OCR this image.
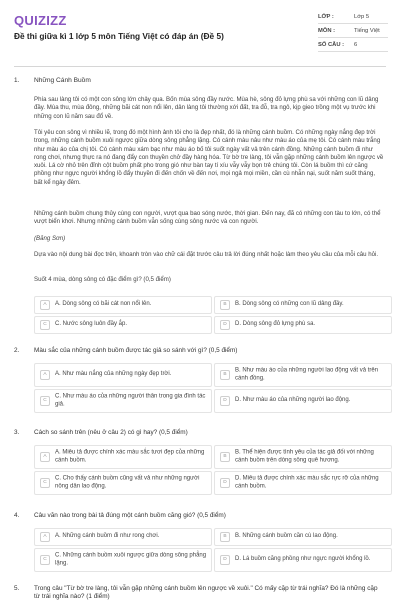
QUIZIZZ
Đề thi giữa kì 1 lớp 5 môn Tiếng Việt có đáp án (Đề 5)
LỚP :	Lớp 5
MÔN :	Tiếng Việt
SỐ CÂU :	6
1. Những Cánh Buồm

Phía sau làng tôi có một con sông lớn chảy qua. Bốn mùa sông đầy nước. Mùa hè, sông đỏ lựng phù sa với những con lũ dâng đầy. Mùa thu, mùa đông, những bãi cát non nổi lên, dân làng tôi thường xới đất, tra đỗ, tra ngô, kịp gieo trồng một vụ trước khi những con lũ năm sau đổ về.

Tôi yêu con sông vì nhiều lẽ, trong đó một hình ảnh tôi cho là đẹp nhất, đó là những cánh buồm. Có những ngày nắng đẹp trời trong, những cánh buồm xuôi ngược giữa dòng sông phẳng lặng. Có cánh màu nâu như màu áo của mẹ tôi. Có cánh màu trắng như màu áo của chị tôi. Có cánh màu xám bạc như màu áo bố tôi suốt ngày vất vả trên cánh đồng. Những cánh buồm đi như rong chơi, nhưng thực ra nó đang đẩy con thuyền chở đầy hàng hóa. Từ bờ tre làng, tôi vẫn gặp những cánh buồm lên ngược về xuôi. Lá cờ nhỏ trên đỉnh cột buồm phất pho trong gió như bàn tay tí xíu vẫy vẫy bọn trẻ chúng tôi. Còn lá buồm thì cứ căng phồng như ngực người khổng lồ đẩy thuyền đi đến chốn về đến nơi, mọi ngả mọi miền, cần cù nhẫn nại, suốt năm suốt tháng, bất kể ngày đêm.

Những cánh buồm chung thủy cùng con người, vượt qua bao sóng nước, thời gian. Đến nay, đã có những con tàu to lớn, có thể vượt biển khơi. Nhưng những cánh buồm vẫn sống cùng sông nước và con người.

(Băng Sơn)

Dựa vào nội dung bài đọc trên, khoanh tròn vào chữ cái đặt trước câu trả lời đúng nhất hoặc làm theo yêu cầu của mỗi câu hỏi.

Suốt 4 mùa, dòng sông có đặc điểm gì? (0,5 điểm)

A	A. Dòng sông có bãi cát non nổi lên.	B	B. Dòng sông có những con lũ dâng đầy.
C	C. Nước sông luôn đầy ắp.	D	D. Dòng sông đỏ lựng phù sa.
2. Màu sắc của những cánh buồm được tác giả so sánh với gì? (0,5 điểm)
A	A. Như màu nắng của những ngày đẹp trời.	B
B. Như màu áo của những người lao động vất vả trên cánh đồng.
C
C. Như màu áo của những người thân trong gia đình tác giả.
D	D. Như màu áo của những người lao động.
3. Cách so sánh trên (nêu ở câu 2) có gì hay? (0,5 điểm)
A
A. Miêu tả được chính xác màu sắc tươi đẹp của những cánh buồm.
B
B. Thể hiện được tình yêu của tác giả đối với những cánh buồm trên dòng sông quê hương.
C
C. Cho thấy cánh buồm cũng vất vả như những người nông dân lao động.
D
D. Miêu tả được chính xác màu sắc rực rỡ của những cánh buồm.
4. Câu văn nào trong bài tả đúng một cánh buồm căng gió? (0,5 điểm)
A	A. Những cánh buồm đi như rong chơi.	B	B. Những cánh buồm cần cù lao động.
C
C. Những cánh buồm xuôi ngược giữa dòng sông phẳng lặng.
D	D. Lá buồm căng phồng như ngực người khổng lồ.
5. Trong câu "Từ bờ tre làng, tôi vẫn gặp những cánh buồm lên ngược về xuôi." Có mấy cặp từ trái nghĩa? Đó là những cặp từ trái nghĩa nào? (1 điểm)
